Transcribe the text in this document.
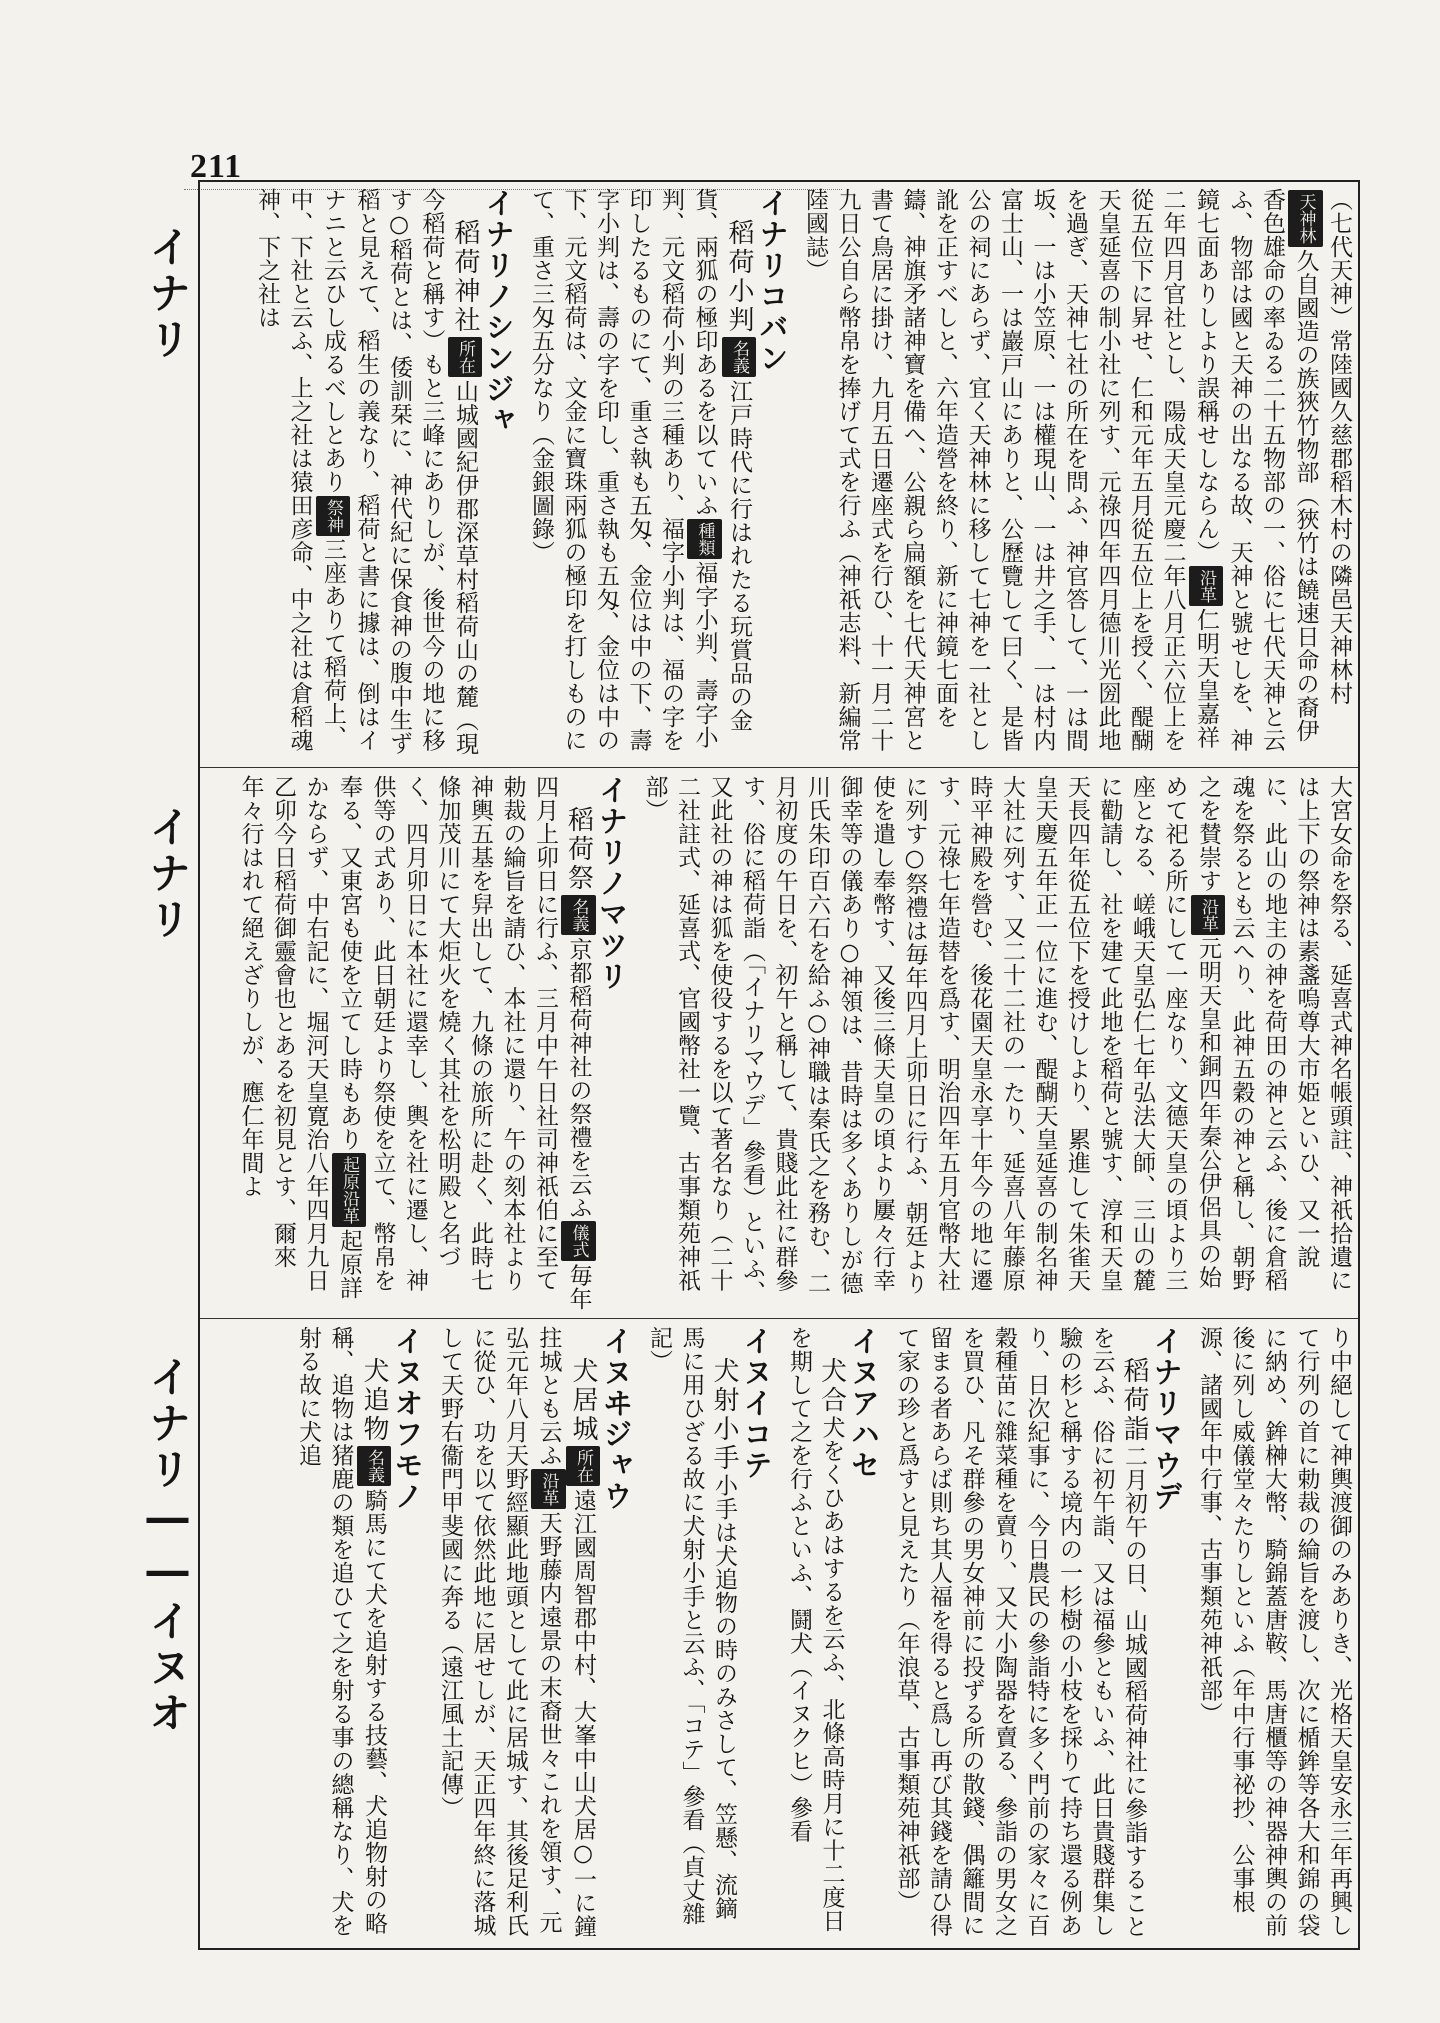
211
イナリ
イナリ
イナリ――イヌオ
（七代天神）常陸國久慈郡稻木村の隣邑天神林村天神林久自國造の族狹竹物部（狹竹は饒速日命の裔伊香色雄命の率ゐる二十五物部の一、俗に七代天神と云ふ、物部は國と天神の出なる故、天神と號せしを、神鏡七面ありしより誤稱せしならん）沿革仁明天皇嘉祥二年四月官社とし、陽成天皇元慶二年八月正六位上を從五位下に昇せ、仁和元年五月從五位上を授く、醍醐天皇延喜の制小社に列す、元祿四年四月德川光圀此地を過ぎ、天神七社の所在を問ふ、神官答して、一は間坂、一は小笠原、一は權現山、一は井之手、一は村内富士山、一は巖戸山にありと、公歷覽して曰く、是皆公の祠にあらず、宜く天神林に移して七神を一社とし訛を正すべしと、六年造營を終り、新に神鏡七面を鑄、神旗矛諸神寶を備へ、公親ら扁額を七代天神宮と書て鳥居に掛け、九月五日遷座式を行ひ、十一月二十九日公自ら幣帛を捧げて式を行ふ（神祇志料、新編常陸國誌）
イナリコバン
稻荷小判名義江戸時代に行はれたる玩賞品の金貨、兩狐の極印あるを以ていふ種類福字小判、壽字小判、元文稻荷小判の三種あり、福字小判は、福の字を印したるものにて、重さ執も五匁、金位は中の下、壽字小判は、壽の字を印し、重さ執も五匁、金位は中の下、元文稻荷は、文金に寶珠兩狐の極印を打しものにて、重さ三匁五分なり（金銀圖錄）
イナリノシンジャ
稻荷神社所在山城國紀伊郡深草村稻荷山の麓（現今稻荷と稱す）もと三峰にありしが、後世今の地に移す○稻荷とは、倭訓栞に、神代紀に保食神の腹中生ず稻と見えて、稻生の義なり、稻荷と書に據は、倒はイナニと云ひし成るべしとあり祭神三座ありて稻荷上、中、下社と云ふ、上之社は猿田彦命、中之社は倉稻魂神、下之社は
大宮女命を祭る、延喜式神名帳頭註、神祇拾遺には上下の祭神は素盞嗚尊大市姫といひ、又一說に、此山の地主の神を荷田の神と云ふ、後に倉稻魂を祭るとも云へり、此神五穀の神と稱し、朝野之を賛崇す沿革元明天皇和銅四年秦公伊侶具の始めて祀る所にして一座なり、文德天皇の頃より三座となる、嵯峨天皇弘仁七年弘法大師、三山の麓に勸請し、社を建て此地を稻荷と號す、淳和天皇天長四年從五位下を授けしより、累進して朱雀天皇天慶五年正一位に進む、醍醐天皇延喜の制名神大社に列す、又二十二社の一たり、延喜八年藤原時平神殿を營む、後花園天皇永享十年今の地に遷す、元祿七年造替を爲す、明治四年五月官幣大社に列す○祭禮は毎年四月上卯日に行ふ、朝廷より使を遣し奉幣す、又後三條天皇の頃より屢々行幸御幸等の儀あり○神領は、昔時は多くありしが德川氏朱印百六石を給ふ○神職は秦氏之を務む、二月初度の午日を、初午と稱して、貴賤此社に群參す、俗に稻荷詣（「イナリマウデ」參看）といふ、又此社の神は狐を使役するを以て著名なり（二十二社註式、延喜式、官國幣社一覽、古事類苑神祇部）
イナリノマツリ
稻荷祭名義京都稻荷神社の祭禮を云ふ儀式毎年四月上卯日に行ふ、三月中午日社司神祇伯に至て勅裁の綸旨を請ひ、本社に還り、午の刻本社より神輿五基を舁出して、九條の旅所に赴く、此時七條加茂川にて大炬火を燒く其社を松明殿と名づく、四月卯日に本社に還幸し、輿を社に遷し、神供等の式あり、此日朝廷より祭使を立て、幣帛を奉る、又東宮も使を立てし時もあり起原沿革起原詳かならず、中右記に、堀河天皇寛治八年四月九日乙卯今日稻荷御靈會也とあるを初見とす、爾來年々行はれて絕えざりしが、應仁年間よ
り中絕して神輿渡御のみありき、光格天皇安永三年再興して行列の首に勅裁の綸旨を渡し、次に楯鉾等各大和錦の袋に納め、鉾榊大幣、騎錦蓋唐鞍、馬唐櫃等の神器神輿の前後に列し威儀堂々たりしといふ（年中行事祕抄、公事根源、諸國年中行事、古事類苑神祇部）
イナリマウデ
稻荷詣二月初午の日、山城國稻荷神社に參詣することを云ふ、俗に初午詣、又は福參ともいふ、此日貴賤群集し驗の杉と稱する境内の一杉樹の小枝を採りて持ち還る例あり、日次紀事に、今日農民の參詣特に多く門前の家々に百穀種苗に雜菜種を賣り、又大小陶器を賣る、參詣の男女之を買ひ、凡そ群參の男女神前に投ずる所の散錢、偶籬間に留まる者あらば則ち其人福を得ると爲し再び其錢を請ひ得て家の珍と爲すと見えたり（年浪草、古事類苑神祇部）
イヌアハセ
犬合犬をくひあはするを云ふ、北條高時月に十二度日を期して之を行ふといふ、鬪犬（イヌクヒ）參看
イヌイコテ
犬射小手小手は犬追物の時のみさして、笠懸、流鏑馬に用ひざる故に犬射小手と云ふ、「コテ」參看（貞丈雜記）
イヌヰジャウ
犬居城所在遠江國周智郡中村、大峯中山犬居○一に鐘拄城とも云ふ沿革天野藤内遠景の末裔世々これを領す、元弘元年八月天野經顯此地頭として此に居城す、其後足利氏に從ひ、功を以て依然此地に居せしが、天正四年終に落城して天野右衞門甲斐國に奔る（遠江風土記傳）
イヌオフモノ
犬追物名義騎馬にて犬を追射する技藝、犬追物射の略稱、追物は猪鹿の類を追ひて之を射る事の總稱なり、犬を射る故に犬追
